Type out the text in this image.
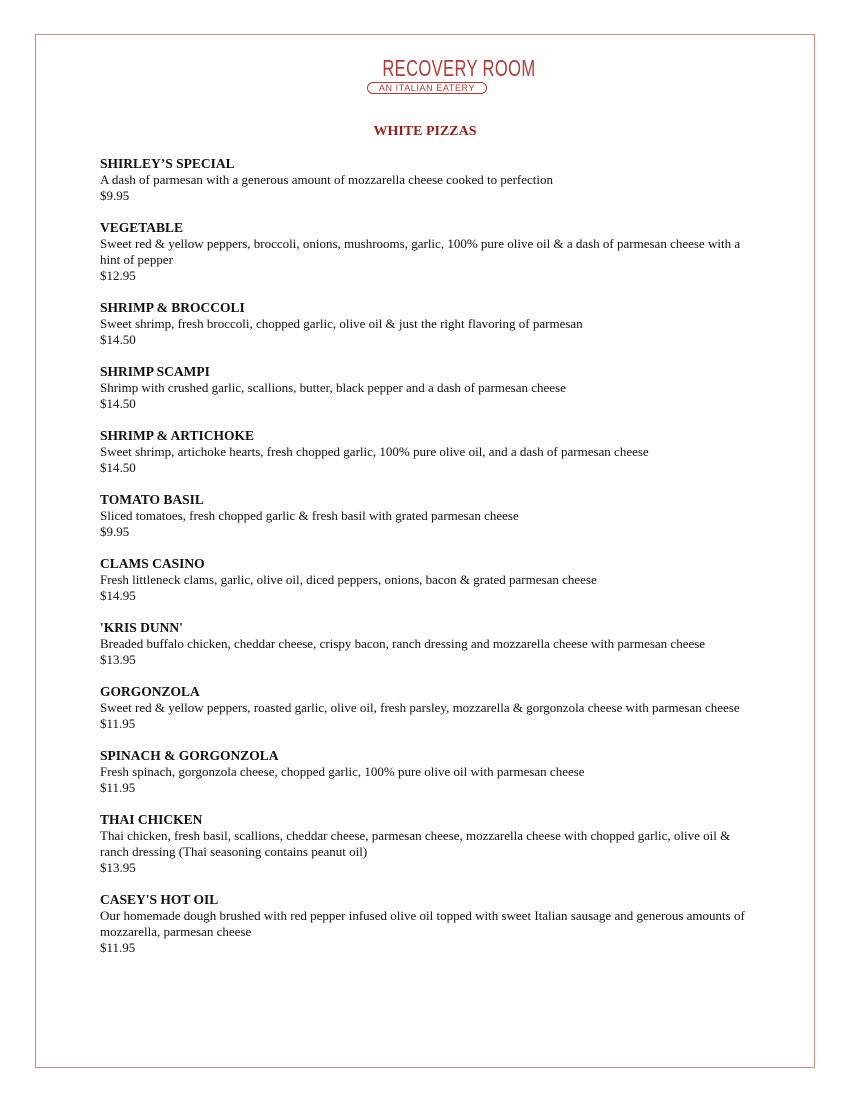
RECOVERY ROOM
AN ITALIAN EATERY
WHITE PIZZAS
SHIRLEY’S SPECIAL
A dash of parmesan with a generous amount of mozzarella cheese cooked to perfection
$9.95
VEGETABLE
Sweet red & yellow peppers, broccoli, onions, mushrooms, garlic, 100% pure olive oil & a dash of parmesan cheese with a hint of pepper
$12.95
SHRIMP & BROCCOLI
Sweet shrimp, fresh broccoli, chopped garlic, olive oil & just the right flavoring of parmesan
$14.50
SHRIMP SCAMPI
Shrimp with crushed garlic, scallions, butter, black pepper and a dash of parmesan cheese
$14.50
SHRIMP & ARTICHOKE
Sweet shrimp, artichoke hearts, fresh chopped garlic, 100% pure olive oil, and a dash of parmesan cheese
$14.50
TOMATO BASIL
Sliced tomatoes, fresh chopped garlic & fresh basil with grated parmesan cheese
$9.95
CLAMS CASINO
Fresh littleneck clams, garlic, olive oil, diced peppers, onions, bacon & grated parmesan cheese
$14.95
'KRIS DUNN'
Breaded buffalo chicken, cheddar cheese, crispy bacon, ranch dressing and mozzarella cheese with parmesan cheese
$13.95
GORGONZOLA
Sweet red & yellow peppers, roasted garlic, olive oil, fresh parsley, mozzarella & gorgonzola cheese with parmesan cheese
$11.95
SPINACH & GORGONZOLA
Fresh spinach, gorgonzola cheese, chopped garlic, 100% pure olive oil with parmesan cheese
$11.95
THAI CHICKEN
Thai chicken, fresh basil, scallions, cheddar cheese, parmesan cheese, mozzarella cheese with chopped garlic, olive oil & ranch dressing (Thai seasoning contains peanut oil)
$13.95
CASEY'S HOT OIL
Our homemade dough brushed with red pepper infused olive oil topped with sweet Italian sausage and generous amounts of mozzarella, parmesan cheese
$11.95
